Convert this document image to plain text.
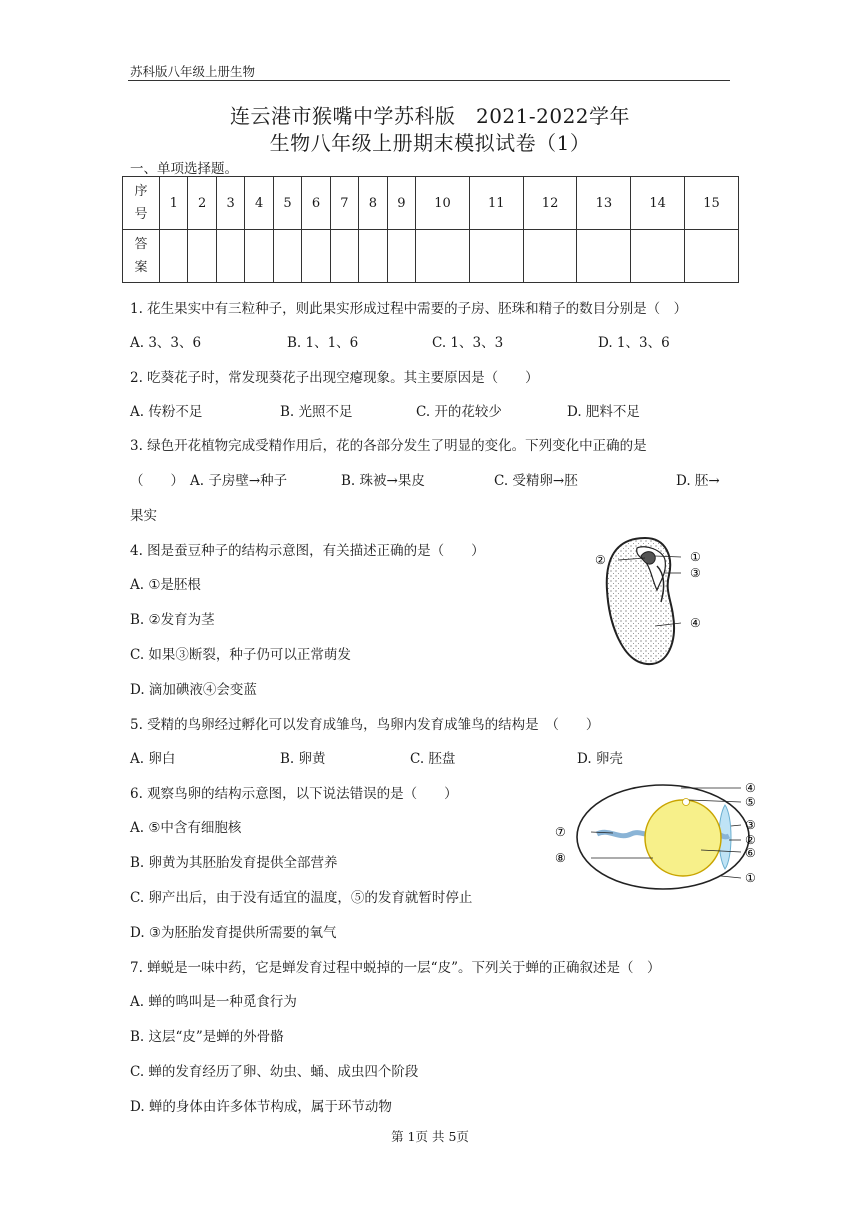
苏科版八年级上册生物
连云港市猴嘴中学苏科版　2021-2022学年
生物八年级上册期末模拟试卷（1）
一、单项选择题。
序
号	1	2	3	4	5	6	7	8	9	10	11	12	13	14	15

答
案															

1. 花生果实中有三粒种子，则此果实形成过程中需要的子房、胚珠和精子的数目分别是（　）
A. 3、3、6	B. 1、1、6	C. 1、3、3	D. 1、3、6
2. 吃葵花子时，常发现葵花子出现空瘪现象。其主要原因是（　　）
A. 传粉不足	B. 光照不足	C. 开的花较少	D. 肥料不足
3. 绿色开花植物完成受精作用后，花的各部分发生了明显的变化。下列变化中正确的是
（　　） A. 子房壁→种子	B. 珠被→果皮	C. 受精卵→胚	D. 胚→
果实
4. 图是蚕豆种子的结构示意图，有关描述正确的是（　　）
A. ①是胚根
B. ②发育为茎
C. 如果③断裂，种子仍可以正常萌发
D. 滴加碘液④会变蓝
②	①
③
④
5. 受精的鸟卵经过孵化可以发育成雏鸟，鸟卵内发育成雏鸟的结构是　（　　）
A. 卵白	B. 卵黄	C. 胚盘	D. 卵壳
6. 观察鸟卵的结构示意图，以下说法错误的是（　　）
A. ⑤中含有细胞核
B. 卵黄为其胚胎发育提供全部营养
C. 卵产出后，由于没有适宜的温度，⑤的发育就暂时停止
D. ③为胚胎发育提供所需要的氧气
④
⑤
⑦	③
②
⑧	⑥
①
7. 蝉蜕是一味中药，它是蝉发育过程中蜕掉的一层“皮”。下列关于蝉的正确叙述是（　）
A. 蝉的鸣叫是一种觅食行为
B. 这层“皮”是蝉的外骨骼
C. 蝉的发育经历了卵、幼虫、蛹、成虫四个阶段
D. 蝉的身体由许多体节构成，属于环节动物
第 1页 共 5页
